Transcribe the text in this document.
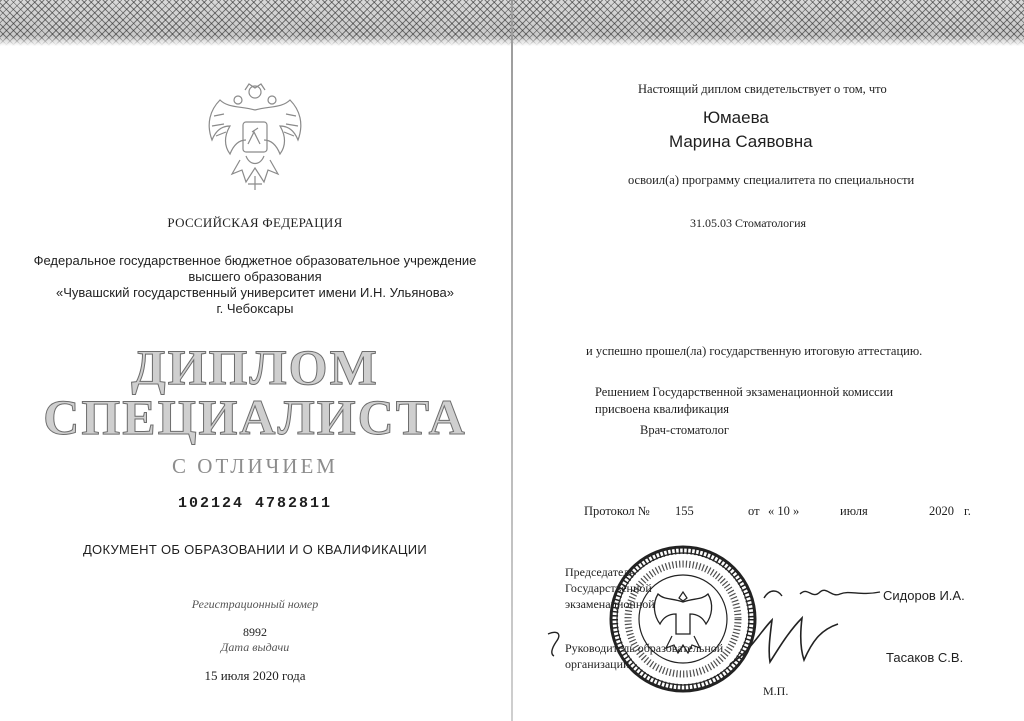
РОССИЙСКАЯ ФЕДЕРАЦИЯ
Федеральное государственное бюджетное образовательное учреждение
высшего образования
«Чувашский государственный университет имени И.Н. Ульянова»
г. Чебоксары
ДИПЛОМ
СПЕЦИАЛИСТА
С ОТЛИЧИЕМ
102124 4782811
ДОКУМЕНТ ОБ ОБРАЗОВАНИИ И О КВАЛИФИКАЦИИ
Регистрационный номер
8992
Дата выдачи
15 июля 2020 года
Настоящий диплом свидетельствует о том, что
Юмаева
Марина Саявовна
освоил(а) программу специалитета по специальности
31.05.03 Стоматология
и успешно прошел(ла) государственную итоговую аттестацию.
Решением Государственной экзаменационной комиссии
присвоена квалификация
Врач-стоматолог
Протокол № 155	от « 10 »	июля	2020 г.
Председатель
Государственной
экзаменационной
Сидоров И.А.
Руководитель образовательной
организации	Тасаков С.В.
М.П.
